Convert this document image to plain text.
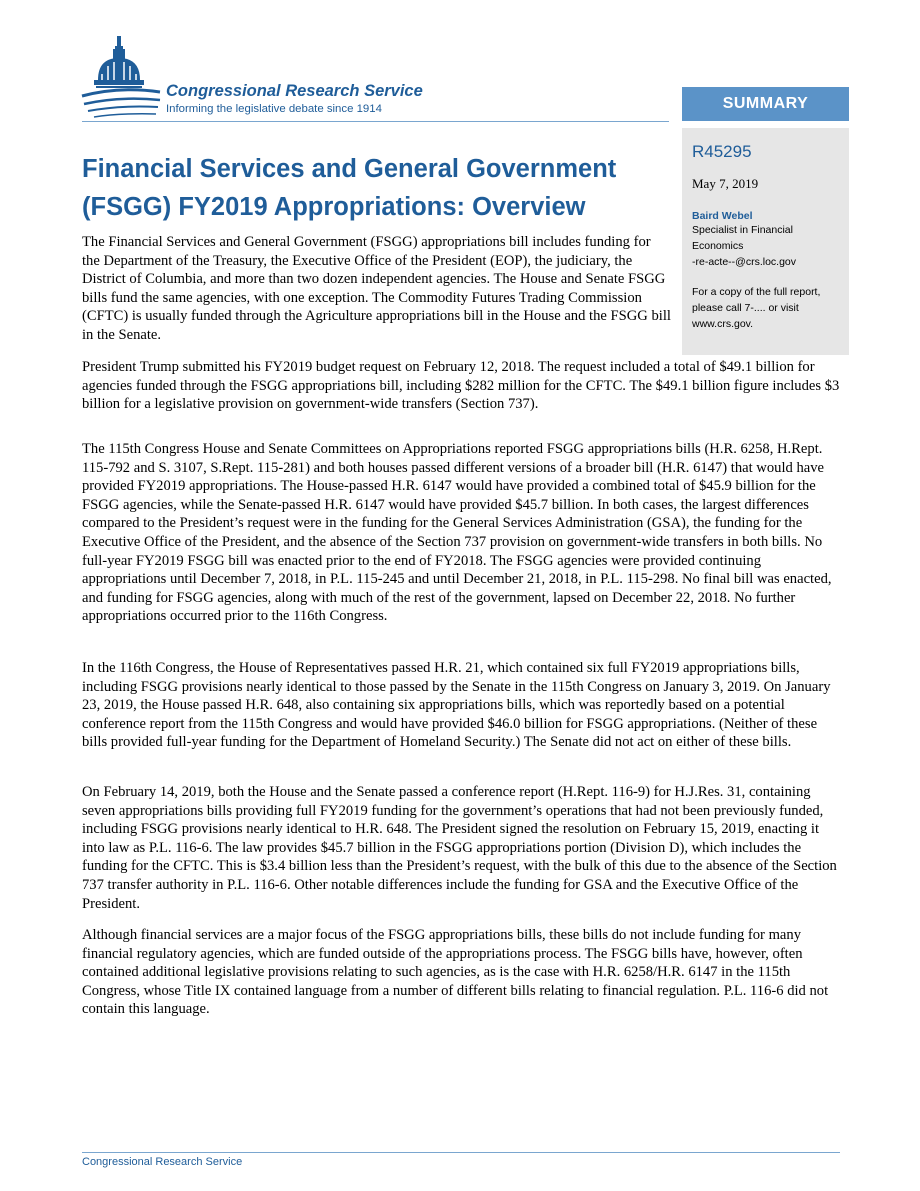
Congressional Research Service
Informing the legislative debate since 1914	SUMMARY
R45295
May 7, 2019
Baird Webel
Specialist in Financial
Economics
-re-acte--@crs.loc.gov
For a copy of the full report,
please call 7-.... or visit
www.crs.gov.
Financial Services and General Government
(FSGG) FY2019 Appropriations: Overview

The Financial Services and General Government (FSGG) appropriations bill includes funding for the Department of the Treasury, the Executive Office of the President (EOP), the judiciary, the District of Columbia, and more than two dozen independent agencies. The House and Senate FSGG bills fund the same agencies, with one exception. The Commodity Futures Trading Commission (CFTC) is usually funded through the Agriculture appropriations bill in the House and the FSGG bill in the Senate.

President Trump submitted his FY2019 budget request on February 12, 2018. The request included a total of $49.1 billion for agencies funded through the FSGG appropriations bill, including $282 million for the CFTC. The $49.1 billion figure includes $3 billion for a legislative provision on government-wide transfers (Section 737).

The 115th Congress House and Senate Committees on Appropriations reported FSGG appropriations bills (H.R. 6258, H.Rept. 115-792 and S. 3107, S.Rept. 115-281) and both houses passed different versions of a broader bill (H.R. 6147) that would have provided FY2019 appropriations. The House-passed H.R. 6147 would have provided a combined total of $45.9 billion for the FSGG agencies, while the Senate-passed H.R. 6147 would have provided $45.7 billion. In both cases, the largest differences compared to the President’s request were in the funding for the General Services Administration (GSA), the funding for the Executive Office of the President, and the absence of the Section 737 provision on government-wide transfers in both bills. No full-year FY2019 FSGG bill was enacted prior to the end of FY2018. The FSGG agencies were provided continuing appropriations until December 7, 2018, in P.L. 115-245 and until December 21, 2018, in P.L. 115-298. No final bill was enacted, and funding for FSGG agencies, along with much of the rest of the government, lapsed on December 22, 2018. No further appropriations occurred prior to the 116th Congress.

In the 116th Congress, the House of Representatives passed H.R. 21, which contained six full FY2019 appropriations bills, including FSGG provisions nearly identical to those passed by the Senate in the 115th Congress on January 3, 2019. On January 23, 2019, the House passed H.R. 648, also containing six appropriations bills, which was reportedly based on a potential conference report from the 115th Congress and would have provided $46.0 billion for FSGG appropriations. (Neither of these bills provided full-year funding for the Department of Homeland Security.) The Senate did not act on either of these bills.

On February 14, 2019, both the House and the Senate passed a conference report (H.Rept. 116-9) for H.J.Res. 31, containing seven appropriations bills providing full FY2019 funding for the government’s operations that had not been previously funded, including FSGG provisions nearly identical to H.R. 648. The President signed the resolution on February 15, 2019, enacting it into law as P.L. 116-6. The law provides $45.7 billion in the FSGG appropriations portion (Division D), which includes the funding for the CFTC. This is $3.4 billion less than the President’s request, with the bulk of this due to the absence of the Section 737 transfer authority in P.L. 116-6. Other notable differences include the funding for GSA and the Executive Office of the President.

Although financial services are a major focus of the FSGG appropriations bills, these bills do not include funding for many financial regulatory agencies, which are funded outside of the appropriations process. The FSGG bills have, however, often contained additional legislative provisions relating to such agencies, as is the case with H.R. 6258/H.R. 6147 in the 115th Congress, whose Title IX contained language from a number of different bills relating to financial regulation. P.L. 116-6 did not contain this language.

Congressional Research Service
